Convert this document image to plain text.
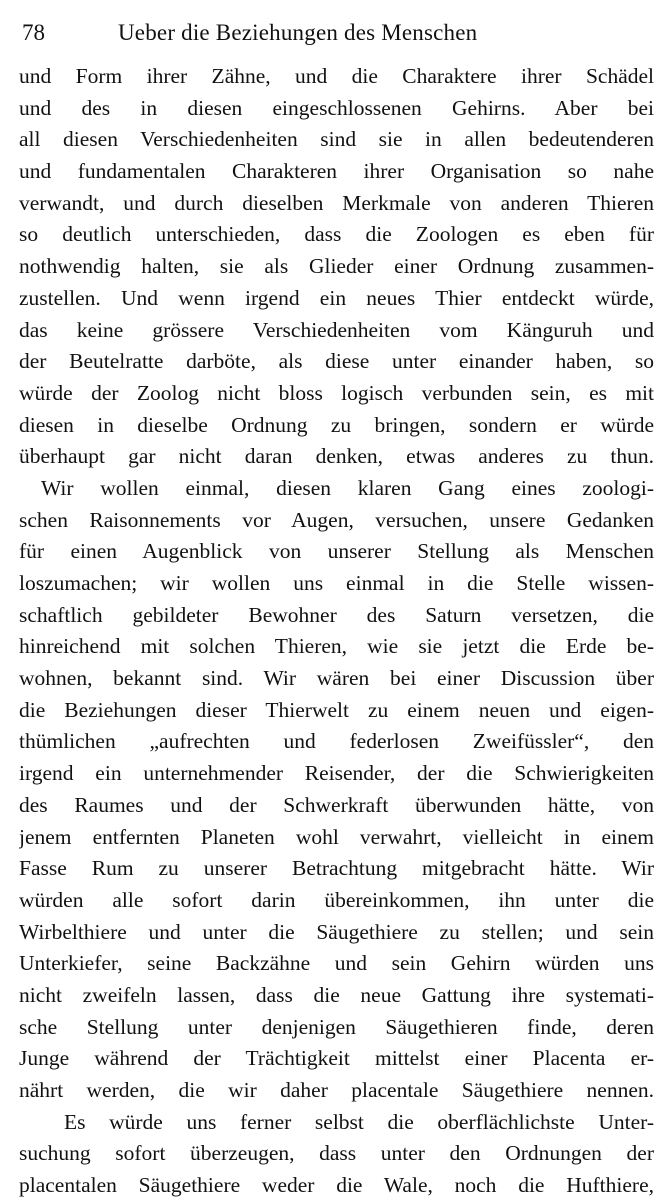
78	Ueber die Beziehungen des Menschen
und Form ihrer Zähne, und die Charaktere ihrer Schädel
und des in diesen eingeschlossenen Gehirns. Aber bei
all diesen Verschiedenheiten sind sie in allen bedeutenderen
und fundamentalen Charakteren ihrer Organisation so nahe
verwandt, und durch dieselben Merkmale von anderen Thieren
so deutlich unterschieden, dass die Zoologen es eben für
nothwendig halten, sie als Glieder einer Ordnung zusammen-
zustellen. Und wenn irgend ein neues Thier entdeckt würde,
das keine grössere Verschiedenheiten vom Känguruh und
der Beutelratte darböte, als diese unter einander haben, so
würde der Zoolog nicht bloss logisch verbunden sein, es mit
diesen in dieselbe Ordnung zu bringen, sondern er würde
überhaupt gar nicht daran denken, etwas anderes zu thun.
Wir wollen einmal, diesen klaren Gang eines zoologi-
schen Raisonnements vor Augen, versuchen, unsere Gedanken
für einen Augenblick von unserer Stellung als Menschen
loszumachen; wir wollen uns einmal in die Stelle wissen-
schaftlich gebildeter Bewohner des Saturn versetzen, die
hinreichend mit solchen Thieren, wie sie jetzt die Erde be-
wohnen, bekannt sind. Wir wären bei einer Discussion über
die Beziehungen dieser Thierwelt zu einem neuen und eigen-
thümlichen „aufrechten und federlosen Zweifüssler“, den
irgend ein unternehmender Reisender, der die Schwierigkeiten
des Raumes und der Schwerkraft überwunden hätte, von
jenem entfernten Planeten wohl verwahrt, vielleicht in einem
Fasse Rum zu unserer Betrachtung mitgebracht hätte. Wir
würden alle sofort darin übereinkommen, ihn unter die
Wirbelthiere und unter die Säugethiere zu stellen; und sein
Unterkiefer, seine Backzähne und sein Gehirn würden uns
nicht zweifeln lassen, dass die neue Gattung ihre systemati-
sche Stellung unter denjenigen Säugethieren finde, deren
Junge während der Trächtigkeit mittelst einer Placenta er-
nährt werden, die wir daher placentale Säugethiere nennen.
Es würde uns ferner selbst die oberflächlichste Unter-
suchung sofort überzeugen, dass unter den Ordnungen der
placentalen Säugethiere weder die Wale, noch die Hufthiere,
